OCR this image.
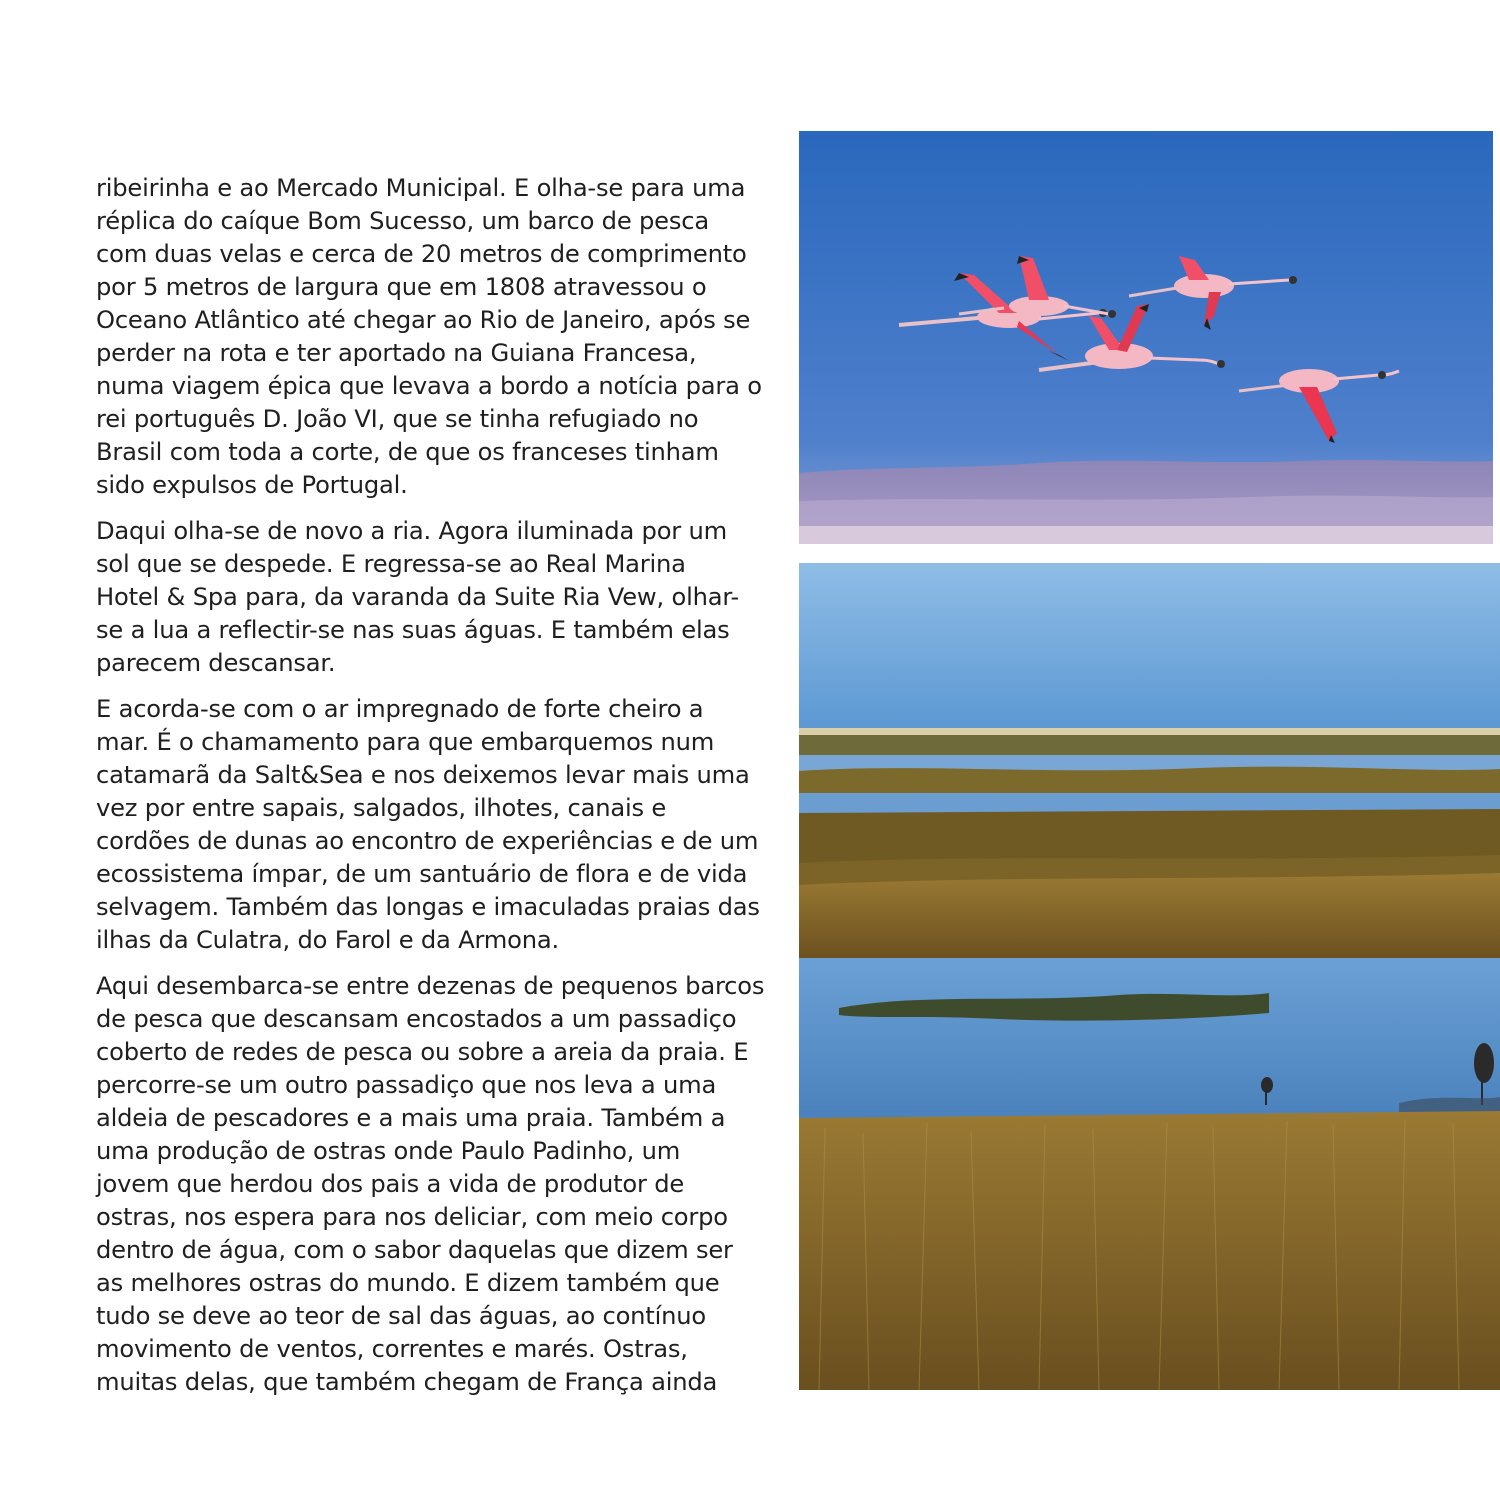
ribeirinha e ao Mercado Municipal. E olha-se para uma
réplica do caíque Bom Sucesso, um barco de pesca
com duas velas e cerca de 20 metros de comprimento
por 5 metros de largura que em 1808 atravessou o
Oceano Atlântico até chegar ao Rio de Janeiro, após se
perder na rota e ter aportado na Guiana Francesa,
numa viagem épica que levava a bordo a notícia para o
rei português D. João VI, que se tinha refugiado no
Brasil com toda a corte, de que os franceses tinham
sido expulsos de Portugal.

Daqui olha-se de novo a ria. Agora iluminada por um
sol que se despede. E regressa-se ao Real Marina
Hotel & Spa para, da varanda da Suite Ria Vew, olhar-
se a lua a reflectir-se nas suas águas. E também elas
parecem descansar.

E acorda-se com o ar impregnado de forte cheiro a
mar. É o chamamento para que embarquemos num
catamarã da Salt&Sea e nos deixemos levar mais uma
vez por entre sapais, salgados, ilhotes, canais e
cordões de dunas ao encontro de experiências e de um
ecossistema ímpar, de um santuário de flora e de vida
selvagem. Também das longas e imaculadas praias das
ilhas da Culatra, do Farol e da Armona.

Aqui desembarca-se entre dezenas de pequenos barcos
de pesca que descansam encostados a um passadiço
coberto de redes de pesca ou sobre a areia da praia. E
percorre-se um outro passadiço que nos leva a uma
aldeia de pescadores e a mais uma praia. Também a
uma produção de ostras onde Paulo Padinho, um
jovem que herdou dos pais a vida de produtor de
ostras, nos espera para nos deliciar, com meio corpo
dentro de água, com o sabor daquelas que dizem ser
as melhores ostras do mundo. E dizem também que
tudo se deve ao teor de sal das águas, ao contínuo
movimento de ventos, correntes e marés. Ostras,
muitas delas, que também chegam de França ainda
